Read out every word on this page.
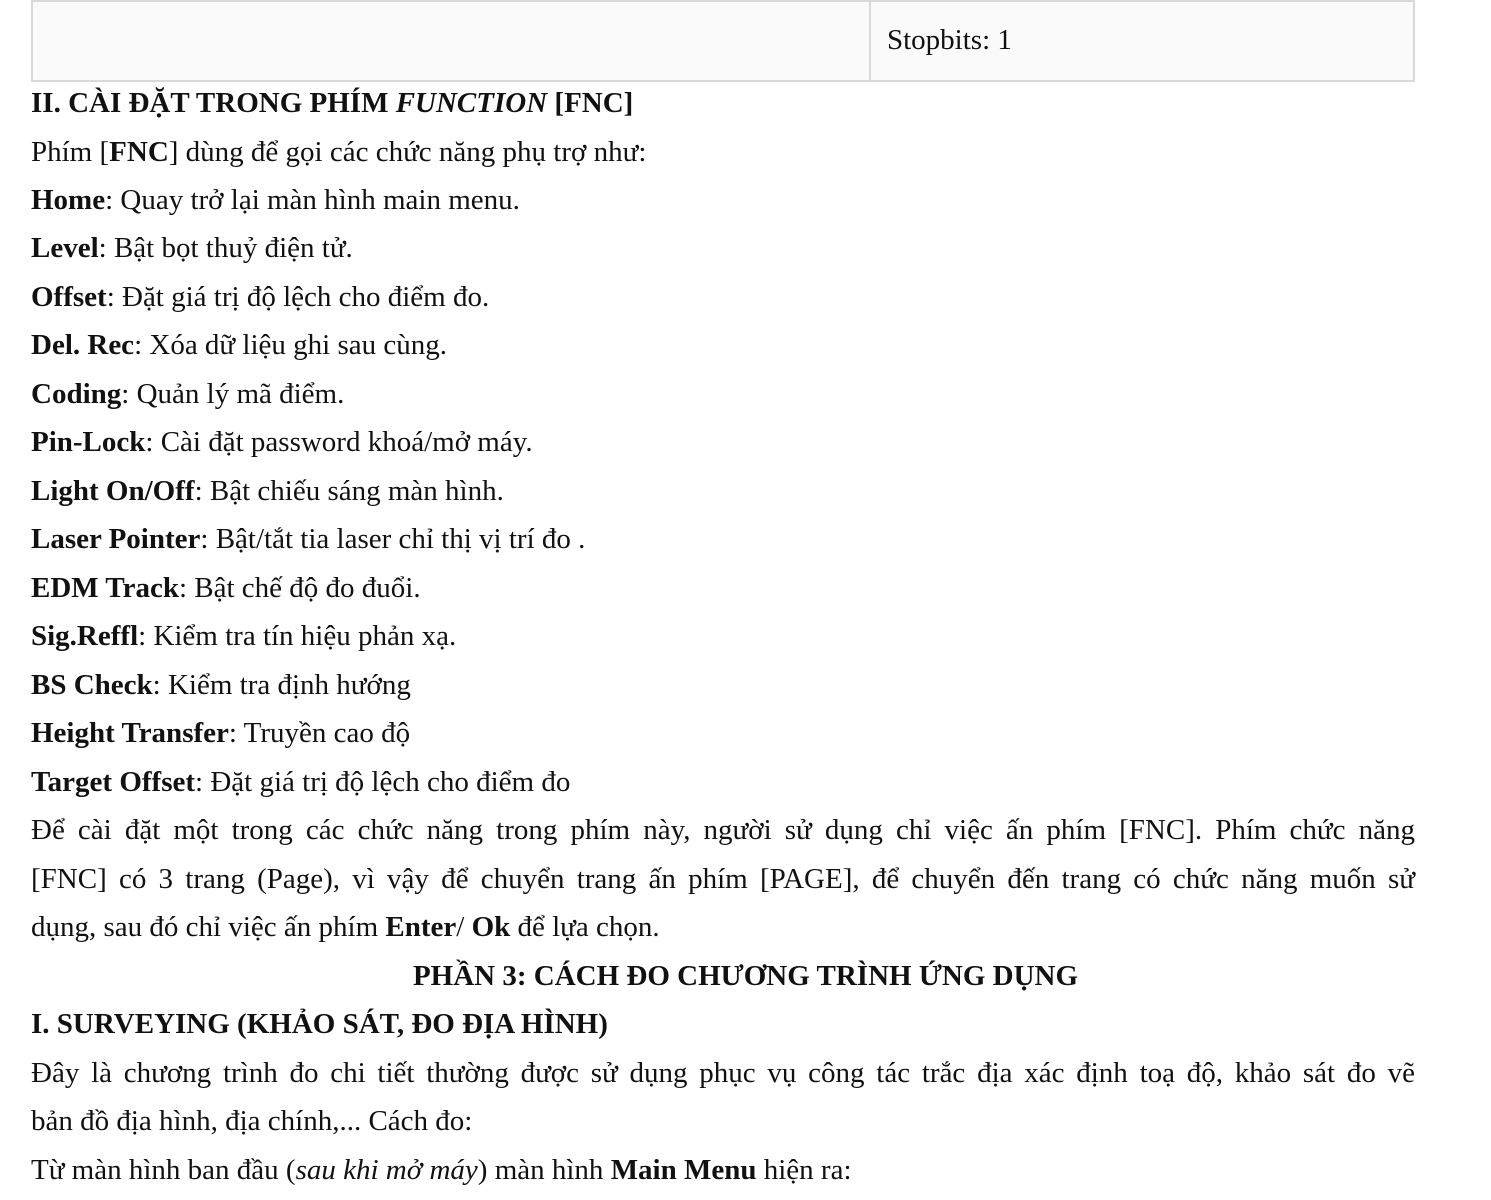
Stopbits: 1
II. CÀI ĐẶT TRONG PHÍM FUNCTION [FNC]
Phím [FNC] dùng để gọi các chức năng phụ trợ như:
Home: Quay trở lại màn hình main menu.
Level: Bật bọt thuỷ điện tử.
Offset: Đặt giá trị độ lệch cho điểm đo.
Del. Rec: Xóa dữ liệu ghi sau cùng.
Coding: Quản lý mã điểm.
Pin-Lock: Cài đặt password khoá/mở máy.
Light On/Off: Bật chiếu sáng màn hình.
Laser Pointer: Bật/tắt tia laser chỉ thị vị trí đo .
EDM Track: Bật chế độ đo đuổi.
Sig.Reffl: Kiểm tra tín hiệu phản xạ.
BS Check: Kiểm tra định hướng
Height Transfer: Truyền cao độ
Target Offset: Đặt giá trị độ lệch cho điểm đo
Để cài đặt một trong các chức năng trong phím này, người sử dụng chỉ việc ấn phím [FNC]. Phím chức năng
[FNC] có 3 trang (Page), vì vậy để chuyển trang ấn phím [PAGE], để chuyển đến trang có chức năng muốn sử
dụng, sau đó chỉ việc ấn phím Enter/ Ok để lựa chọn.
PHẦN 3: CÁCH ĐO CHƯƠNG TRÌNH ỨNG DỤNG
I. SURVEYING (KHẢO SÁT, ĐO ĐỊA HÌNH)
Đây là chương trình đo chi tiết thường được sử dụng phục vụ công tác trắc địa xác định toạ độ, khảo sát đo vẽ
bản đồ địa hình, địa chính,... Cách đo:
Từ màn hình ban đầu (sau khi mở máy) màn hình Main Menu hiện ra:
